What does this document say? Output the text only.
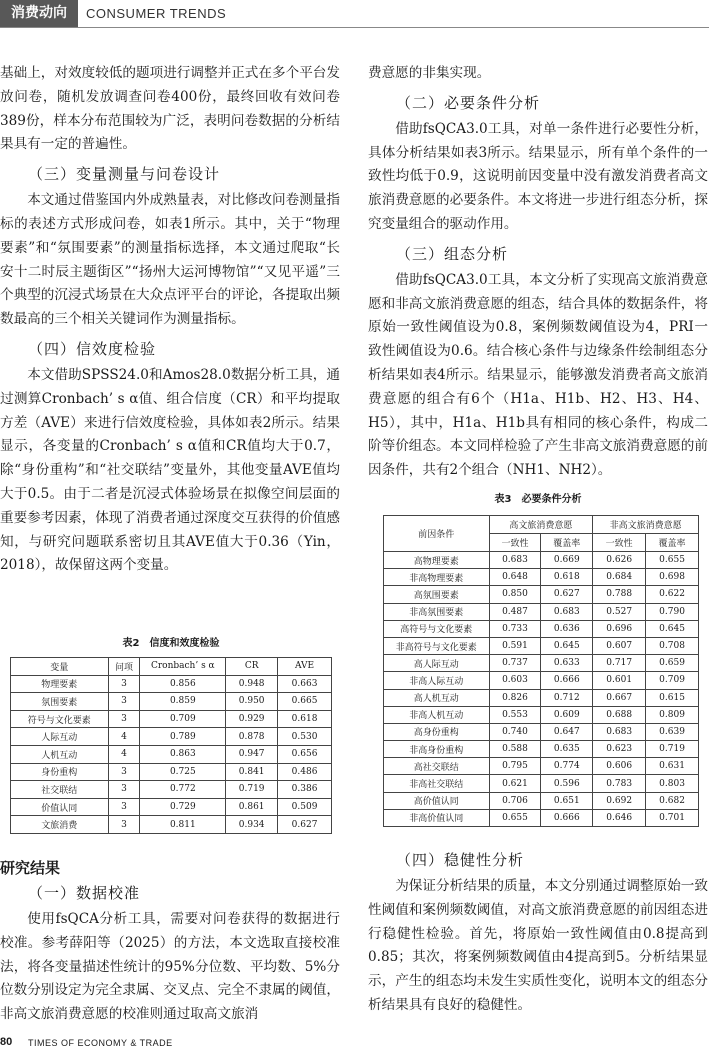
消费动向	CONSUMER TRENDS

基础上，对效度较低的题项进行调整并正式在多个平台发放问卷，随机发放调查问卷400份，最终回收有效问卷389份，样本分布范围较为广泛，表明问卷数据的分析结果具有一定的普遍性。

（三）变量测量与问卷设计

本文通过借鉴国内外成熟量表，对比修改问卷测量指标的表述方式形成问卷，如表1所示。其中，关于“物理要素”和“氛围要素”的测量指标选择，本文通过爬取“长安十二时辰主题街区”“扬州大运河博物馆”“又见平遥”三个典型的沉浸式场景在大众点评平台的评论，各提取出频数最高的三个相关关键词作为测量指标。

（四）信效度检验

本文借助SPSS24.0和Amos28.0数据分析工具，通过测算Cronbach’ s α值、组合信度（CR）和平均提取方差（AVE）来进行信效度检验，具体如表2所示。结果显示，各变量的Cronbach’ s α值和CR值均大于0.7，除“身份重构”和“社交联结”变量外，其他变量AVE值均大于0.5。由于二者是沉浸式体验场景在拟像空间层面的重要参考因素，体现了消费者通过深度交互获得的价值感知，与研究问题联系密切且其AVE值大于0.36（Yin，2018），故保留这两个变量。

表2　信度和效度检验

变量	问项	Cronbach’ s α	CR	AVE
物理要素	3	0.856	0.948	0.663
氛围要素	3	0.859	0.950	0.665
符号与文化要素	3	0.709	0.929	0.618
人际互动	4	0.789	0.878	0.530
人机互动	4	0.863	0.947	0.656
身份重构	3	0.725	0.841	0.486
社交联结	3	0.772	0.719	0.386
价值认同	3	0.729	0.861	0.509
文旅消费	3	0.811	0.934	0.627
研究结果
（一）数据校准

使用fsQCA分析工具，需要对问卷获得的数据进行校准。参考薛阳等（2025）的方法，本文选取直接校准法，将各变量描述性统计的95%分位数、平均数、5%分位数分别设定为完全隶属、交叉点、完全不隶属的阈值，非高文旅消费意愿的校准则通过取高文旅消

费意愿的非集实现。

（二）必要条件分析

借助fsQCA3.0工具，对单一条件进行必要性分析，具体分析结果如表3所示。结果显示，所有单个条件的一致性均低于0.9，这说明前因变量中没有激发消费者高文旅消费意愿的必要条件。本文将进一步进行组态分析，探究变量组合的驱动作用。

（三）组态分析

借助fsQCA3.0工具，本文分析了实现高文旅消费意愿和非高文旅消费意愿的组态，结合具体的数据条件，将原始一致性阈值设为0.8，案例频数阈值设为4，PRI一致性阈值设为0.6。结合核心条件与边缘条件绘制组态分析结果如表4所示。结果显示，能够激发消费者高文旅消费意愿的组合有6个（H1a、H1b、H2、H3、H4、H5），其中，H1a、H1b具有相同的核心条件，构成二阶等价组态。本文同样检验了产生非高文旅消费意愿的前因条件，共有2个组合（NH1、NH2）。

表3　必要条件分析

前因条件	高文旅消费意愿		非高文旅消费意愿	
	一致性	覆盖率	一致性	覆盖率
高物理要素	0.683	0.669	0.626	0.655
非高物理要素	0.648	0.618	0.684	0.698
高氛围要素	0.850	0.627	0.788	0.622
非高氛围要素	0.487	0.683	0.527	0.790
高符号与文化要素	0.733	0.636	0.696	0.645
非高符号与文化要素	0.591	0.645	0.607	0.708
高人际互动	0.737	0.633	0.717	0.659
非高人际互动	0.603	0.666	0.601	0.709
高人机互动	0.826	0.712	0.667	0.615
非高人机互动	0.553	0.609	0.688	0.809
高身份重构	0.740	0.647	0.683	0.639
非高身份重构	0.588	0.635	0.623	0.719
高社交联结	0.795	0.774	0.606	0.631
非高社交联结	0.621	0.596	0.783	0.803
高价值认同	0.706	0.651	0.692	0.682
非高价值认同	0.655	0.666	0.646	0.701
（四）稳健性分析

为保证分析结果的质量，本文分别通过调整原始一致性阈值和案例频数阈值，对高文旅消费意愿的前因组态进行稳健性检验。首先，将原始一致性阈值由0.8提高到0.85；其次，将案例频数阈值由4提高到5。分析结果显示，产生的组态均未发生实质性变化，说明本文的组态分析结果具有良好的稳健性。

80 TIMES OF ECONOMY & TRADE
